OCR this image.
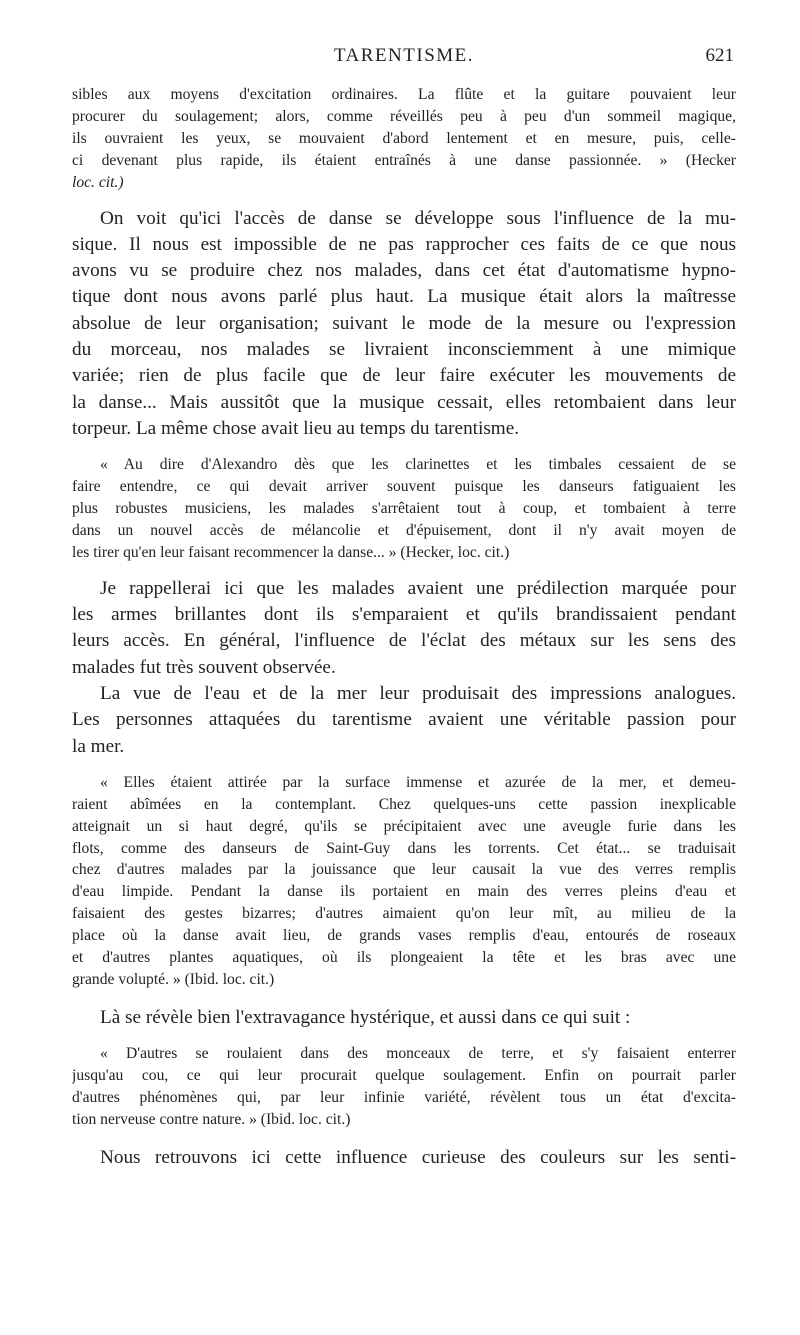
TARENTISME.	621
sibles aux moyens d'excitation ordinaires. La flûte et la guitare pouvaient leur
procurer du soulagement; alors, comme réveillés peu à peu d'un sommeil magique,
ils ouvraient les yeux, se mouvaient d'abord lentement et en mesure, puis, celle-
ci devenant plus rapide, ils étaient entraînés à une danse passionnée. » (Hecker
loc. cit.)
On voit qu'ici l'accès de danse se développe sous l'influence de la mu-
sique. Il nous est impossible de ne pas rapprocher ces faits de ce que nous
avons vu se produire chez nos malades, dans cet état d'automatisme hypno-
tique dont nous avons parlé plus haut. La musique était alors la maîtresse
absolue de leur organisation; suivant le mode de la mesure ou l'expression
du morceau, nos malades se livraient inconsciemment à une mimique
variée; rien de plus facile que de leur faire exécuter les mouvements de
la danse... Mais aussitôt que la musique cessait, elles retombaient dans leur
torpeur. La même chose avait lieu au temps du tarentisme.
« Au dire d'Alexandro dès que les clarinettes et les timbales cessaient de se
faire entendre, ce qui devait arriver souvent puisque les danseurs fatiguaient les
plus robustes musiciens, les malades s'arrêtaient tout à coup, et tombaient à terre
dans un nouvel accès de mélancolie et d'épuisement, dont il n'y avait moyen de
les tirer qu'en leur faisant recommencer la danse... » (Hecker, loc. cit.)
Je rappellerai ici que les malades avaient une prédilection marquée pour
les armes brillantes dont ils s'emparaient et qu'ils brandissaient pendant
leurs accès. En général, l'influence de l'éclat des métaux sur les sens des
malades fut très souvent observée.
La vue de l'eau et de la mer leur produisait des impressions analogues.
Les personnes attaquées du tarentisme avaient une véritable passion pour
la mer.
« Elles étaient attirée par la surface immense et azurée de la mer, et demeu-
raient abîmées en la contemplant. Chez quelques-uns cette passion inexplicable
atteignait un si haut degré, qu'ils se précipitaient avec une aveugle furie dans les
flots, comme des danseurs de Saint-Guy dans les torrents. Cet état... se traduisait
chez d'autres malades par la jouissance que leur causait la vue des verres remplis
d'eau limpide. Pendant la danse ils portaient en main des verres pleins d'eau et
faisaient des gestes bizarres; d'autres aimaient qu'on leur mît, au milieu de la
place où la danse avait lieu, de grands vases remplis d'eau, entourés de roseaux
et d'autres plantes aquatiques, où ils plongeaient la tête et les bras avec une
grande volupté. » (Ibid. loc. cit.)
Là se révèle bien l'extravagance hystérique, et aussi dans ce qui suit :
« D'autres se roulaient dans des monceaux de terre, et s'y faisaient enterrer
jusqu'au cou, ce qui leur procurait quelque soulagement. Enfin on pourrait parler
d'autres phénomènes qui, par leur infinie variété, révèlent tous un état d'excita-
tion nerveuse contre nature. » (Ibid. loc. cit.)
Nous retrouvons ici cette influence curieuse des couleurs sur les senti-
